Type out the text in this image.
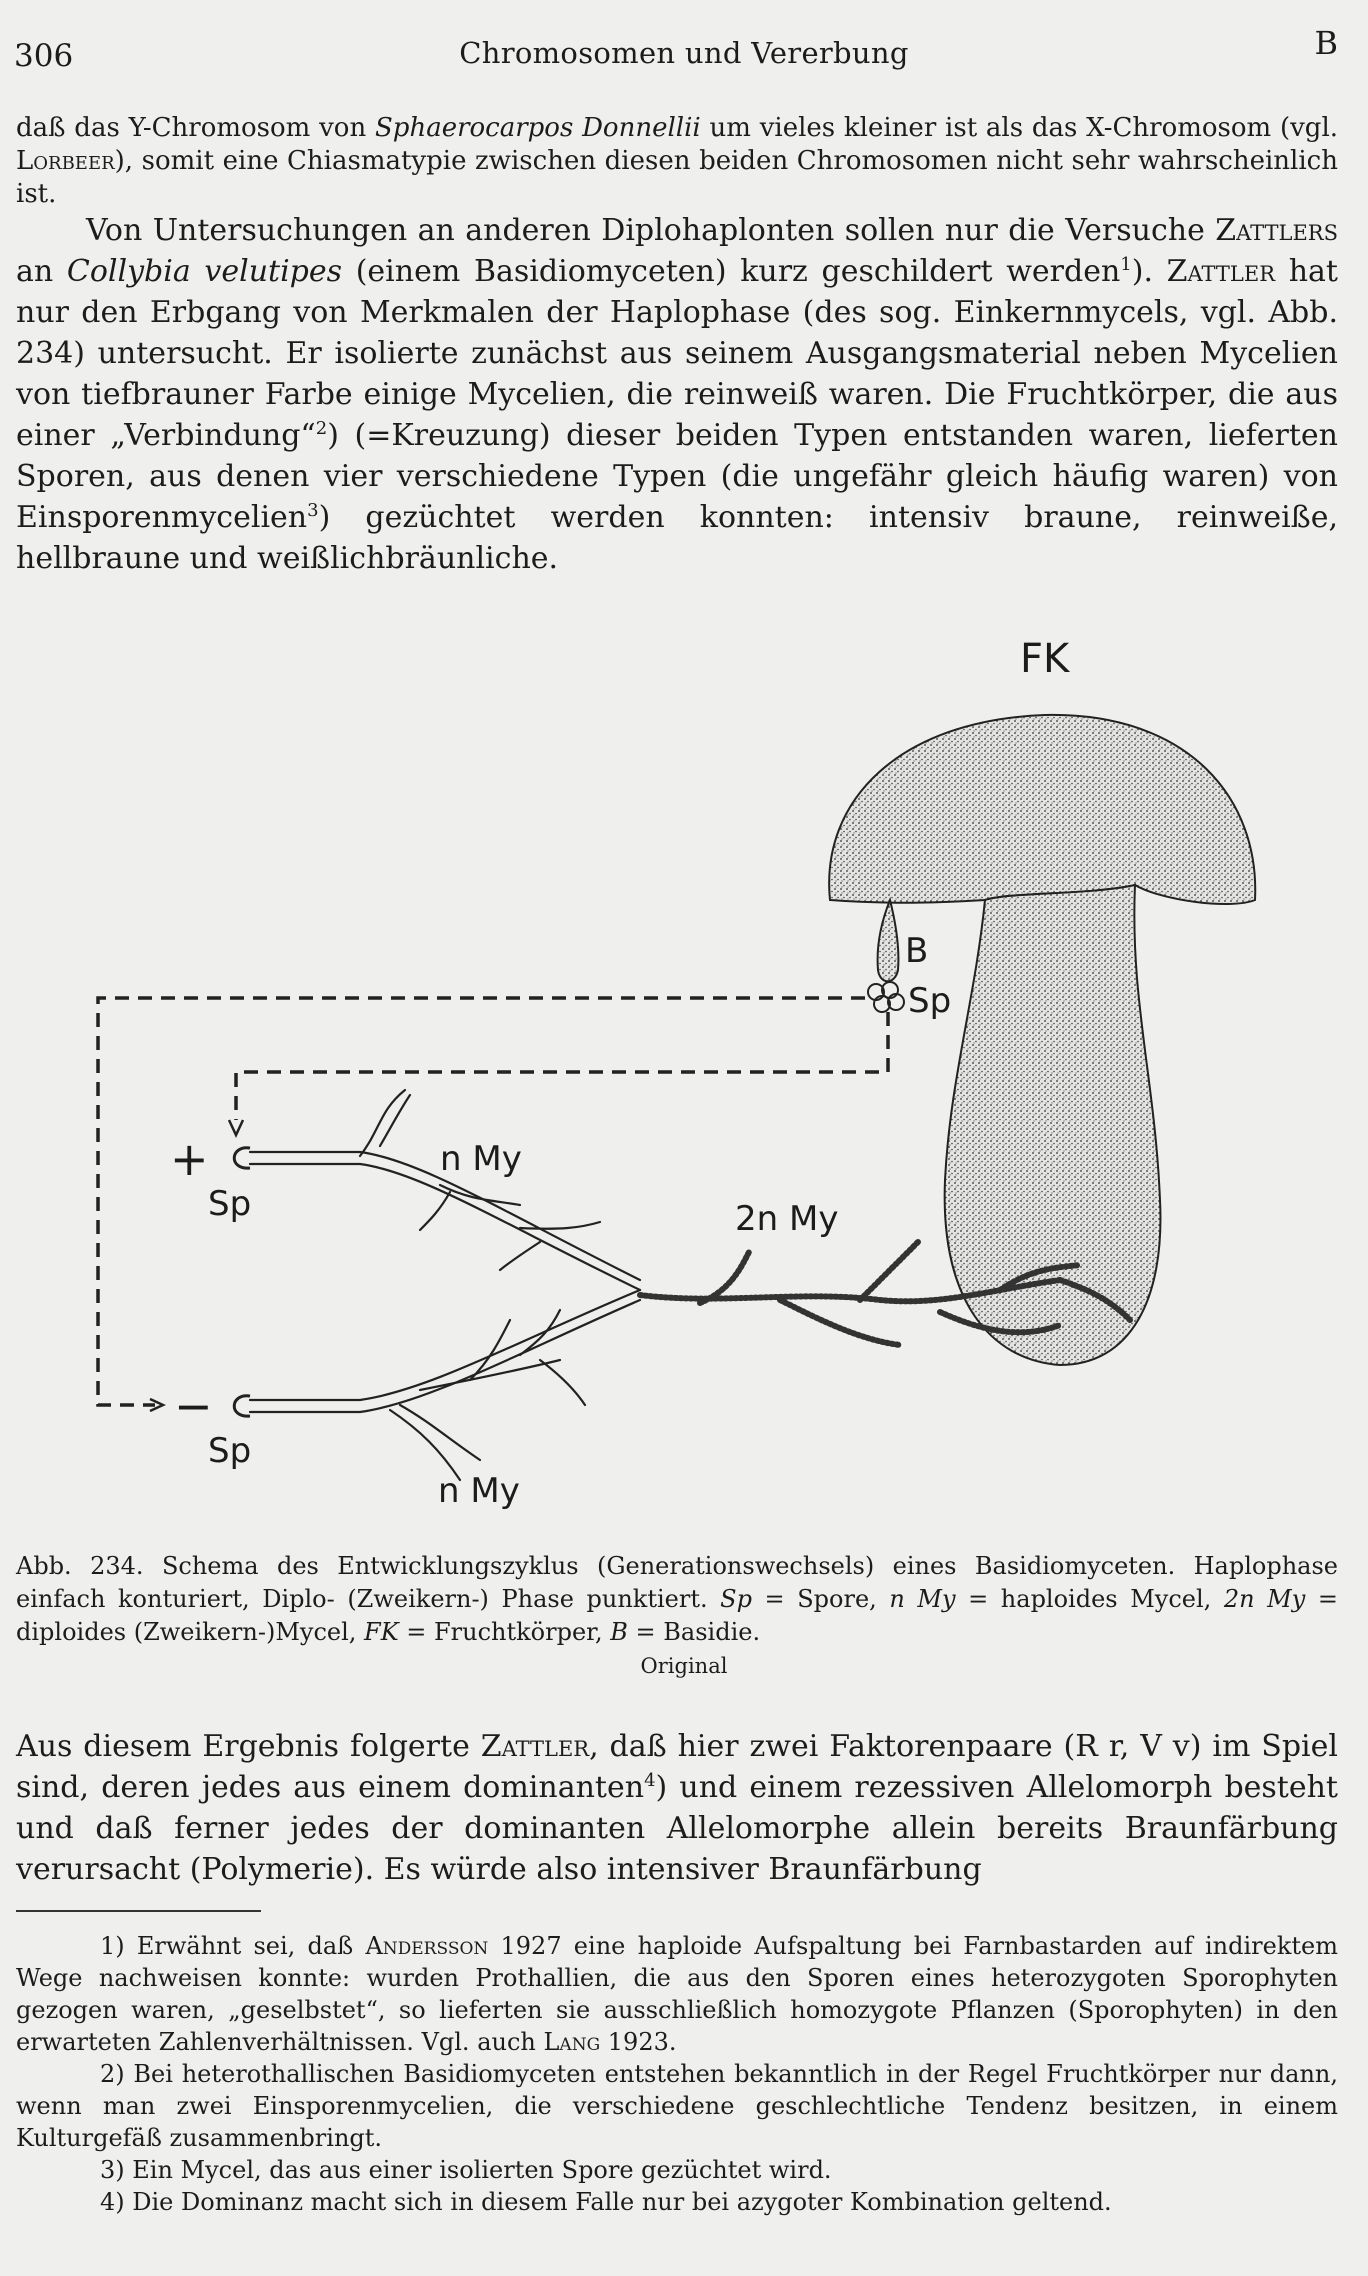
306	Chromosomen und Vererbung	B
daß das Y-Chromosom von Sphaerocarpos Donnellii um vieles kleiner ist als das X-Chromosom (vgl. Lorbeer), somit eine Chiasmatypie zwischen diesen beiden Chromosomen nicht sehr wahrscheinlich ist.
Von Untersuchungen an anderen Diplohaplonten sollen nur die Versuche Zattlers an Collybia velutipes (einem Basidiomyceten) kurz geschildert werden$^1$). Zattler hat nur den Erbgang von Merkmalen der Haplophase (des sog. Einkernmycels, vgl. Abb. 234) untersucht. Er isolierte zunächst aus seinem Ausgangsmaterial neben Mycelien von tiefbrauner Farbe einige Mycelien, die reinweiß waren. Die Fruchtkörper, die aus einer „Verbindung“$^2$) (=Kreuzung) dieser beiden Typen entstanden waren, lieferten Sporen, aus denen vier verschiedene Typen (die ungefähr gleich häufig waren) von Einsporenmycelien$^3$) gezüchtet werden konnten: intensiv braune, reinweiße, hellbraune und weißlichbräunliche.
FK
B
Sp
+
Sp
n My
2n My
−
Sp
n My
Abb. 234. Schema des Entwicklungszyklus (Generationswechsels) eines Basidiomyceten. Haplophase einfach konturiert, Diplo- (Zweikern-) Phase punktiert. Sp = Spore, n My = haploides Mycel, 2n My = diploides (Zweikern-)Mycel, FK = Fruchtkörper, B = Basidie.
Original
Aus diesem Ergebnis folgerte Zattler, daß hier zwei Faktorenpaare (R r, V v) im Spiel sind, deren jedes aus einem dominanten$^4$) und einem rezessiven Allelomorph besteht und daß ferner jedes der dominanten Allelomorphe allein bereits Braunfärbung verursacht (Polymerie). Es würde also intensiver Braunfärbung

1) Erwähnt sei, daß Andersson 1927 eine haploide Aufspaltung bei Farnbastarden auf indirektem Wege nachweisen konnte: wurden Prothallien, die aus den Sporen eines heterozygoten Sporophyten gezogen waren, „geselbstet“, so lieferten sie ausschließlich homozygote Pflanzen (Sporophyten) in den erwarteten Zahlenverhältnissen. Vgl. auch Lang 1923.

2) Bei heterothallischen Basidiomyceten entstehen bekanntlich in der Regel Fruchtkörper nur dann, wenn man zwei Einsporenmycelien, die verschiedene geschlechtliche Tendenz besitzen, in einem Kulturgefäß zusammenbringt.

3) Ein Mycel, das aus einer isolierten Spore gezüchtet wird.

4) Die Dominanz macht sich in diesem Falle nur bei azygoter Kombination geltend.
